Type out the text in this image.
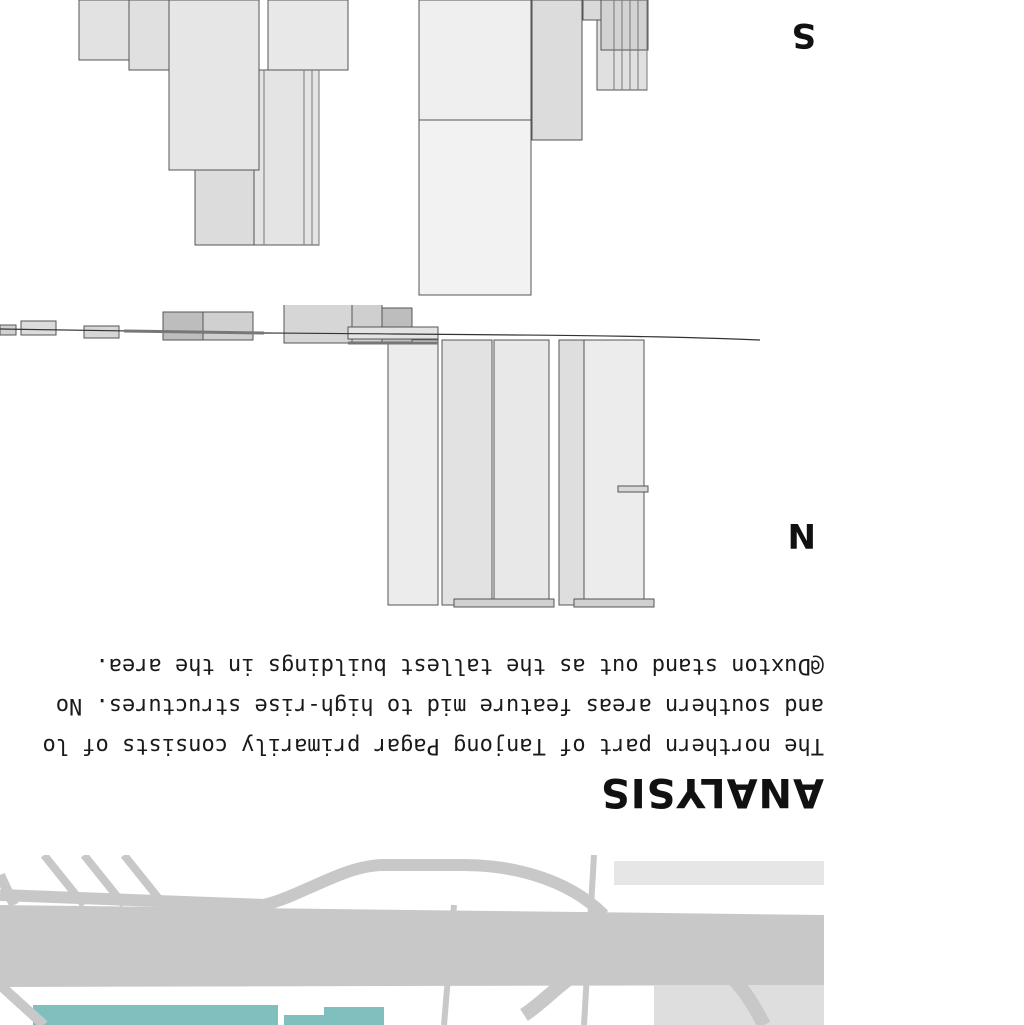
ANALYSIS
The northern part of Tanjong Pagar primarily consists of lo
and southern areas feature mid to high-rise structures. No
@Duxton stand out as the tallest buildings in the area.
N
S
